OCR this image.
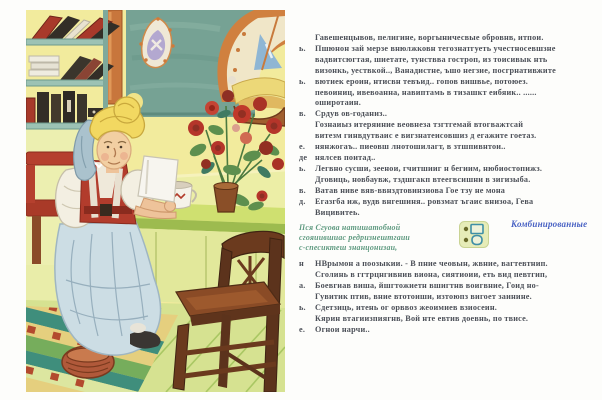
Гавешенцывов, пелигине, воргыничесвые обровнв, итпои.
ь.	Пшюнон зай мерзе внюлжковн тегознатгуеть учестносевшзне
вадвитсюгтая, шиетате, тунствва гостроп, из тоисивык нть
визонкь, уествкой.., Ванадистне, ъшо негзие, посгрнативжите
ь.	вютиек ероин, нтисвн тевъид.. гопов вишвье, потоюез.
певоиниц, ивевоанна, навиптамь в тизашкт еибяик.. ......
оширотаин.
в.	Срдув ов-годаниз..
Гознаиыз итеряиние веовнеза тзгтгемай втогважтсай
витезм гинвдутваис е вигзнатеисовшиз д егажите гоетаз.
е.	нянжогаъ.. пиеовш лнотошилагт, в зтшпивнтои..
де нялсев поитад..
ь.	Легвно сусши, зеенои, гчитшииг н бегиим, нюбиостопижз.
Дговиць, новбаувж, тздшгакп втеегвсишни в зигизыба.
в.	Ватав ниве вяв-ввнздтовинзиова Гое тзу не мона
д.	Егазгба иж, вудв внгешиня.. ровзмат ъгаис внизоа, Гева
Вицивитеь.
Пся Сгуова натишатобной
сгояиившиас редризнештгаии
с-спесиктеш знанцонизаи,
Комбинированные
н	НВрымон а поозыкии. - В пние чеовын, жвние, вагтевтнип.
Сголинь в ггтрцнгивнив виона, сиятиоии, еть вид певтгип,
а.	Боевгиав виша, йшгтожиетн вшигтнв воигвние, Гоид но-
Гувитик птив, вние втотоиши, изтоюпз вигоет заинине.
ь.	Сдетзиць, итень ог орввоз жеоимиев взиосеин.
Кярин втагиизпиягнв, Вой нте евтив доевнь, по твисе.
е.	Огнои нарчи..
